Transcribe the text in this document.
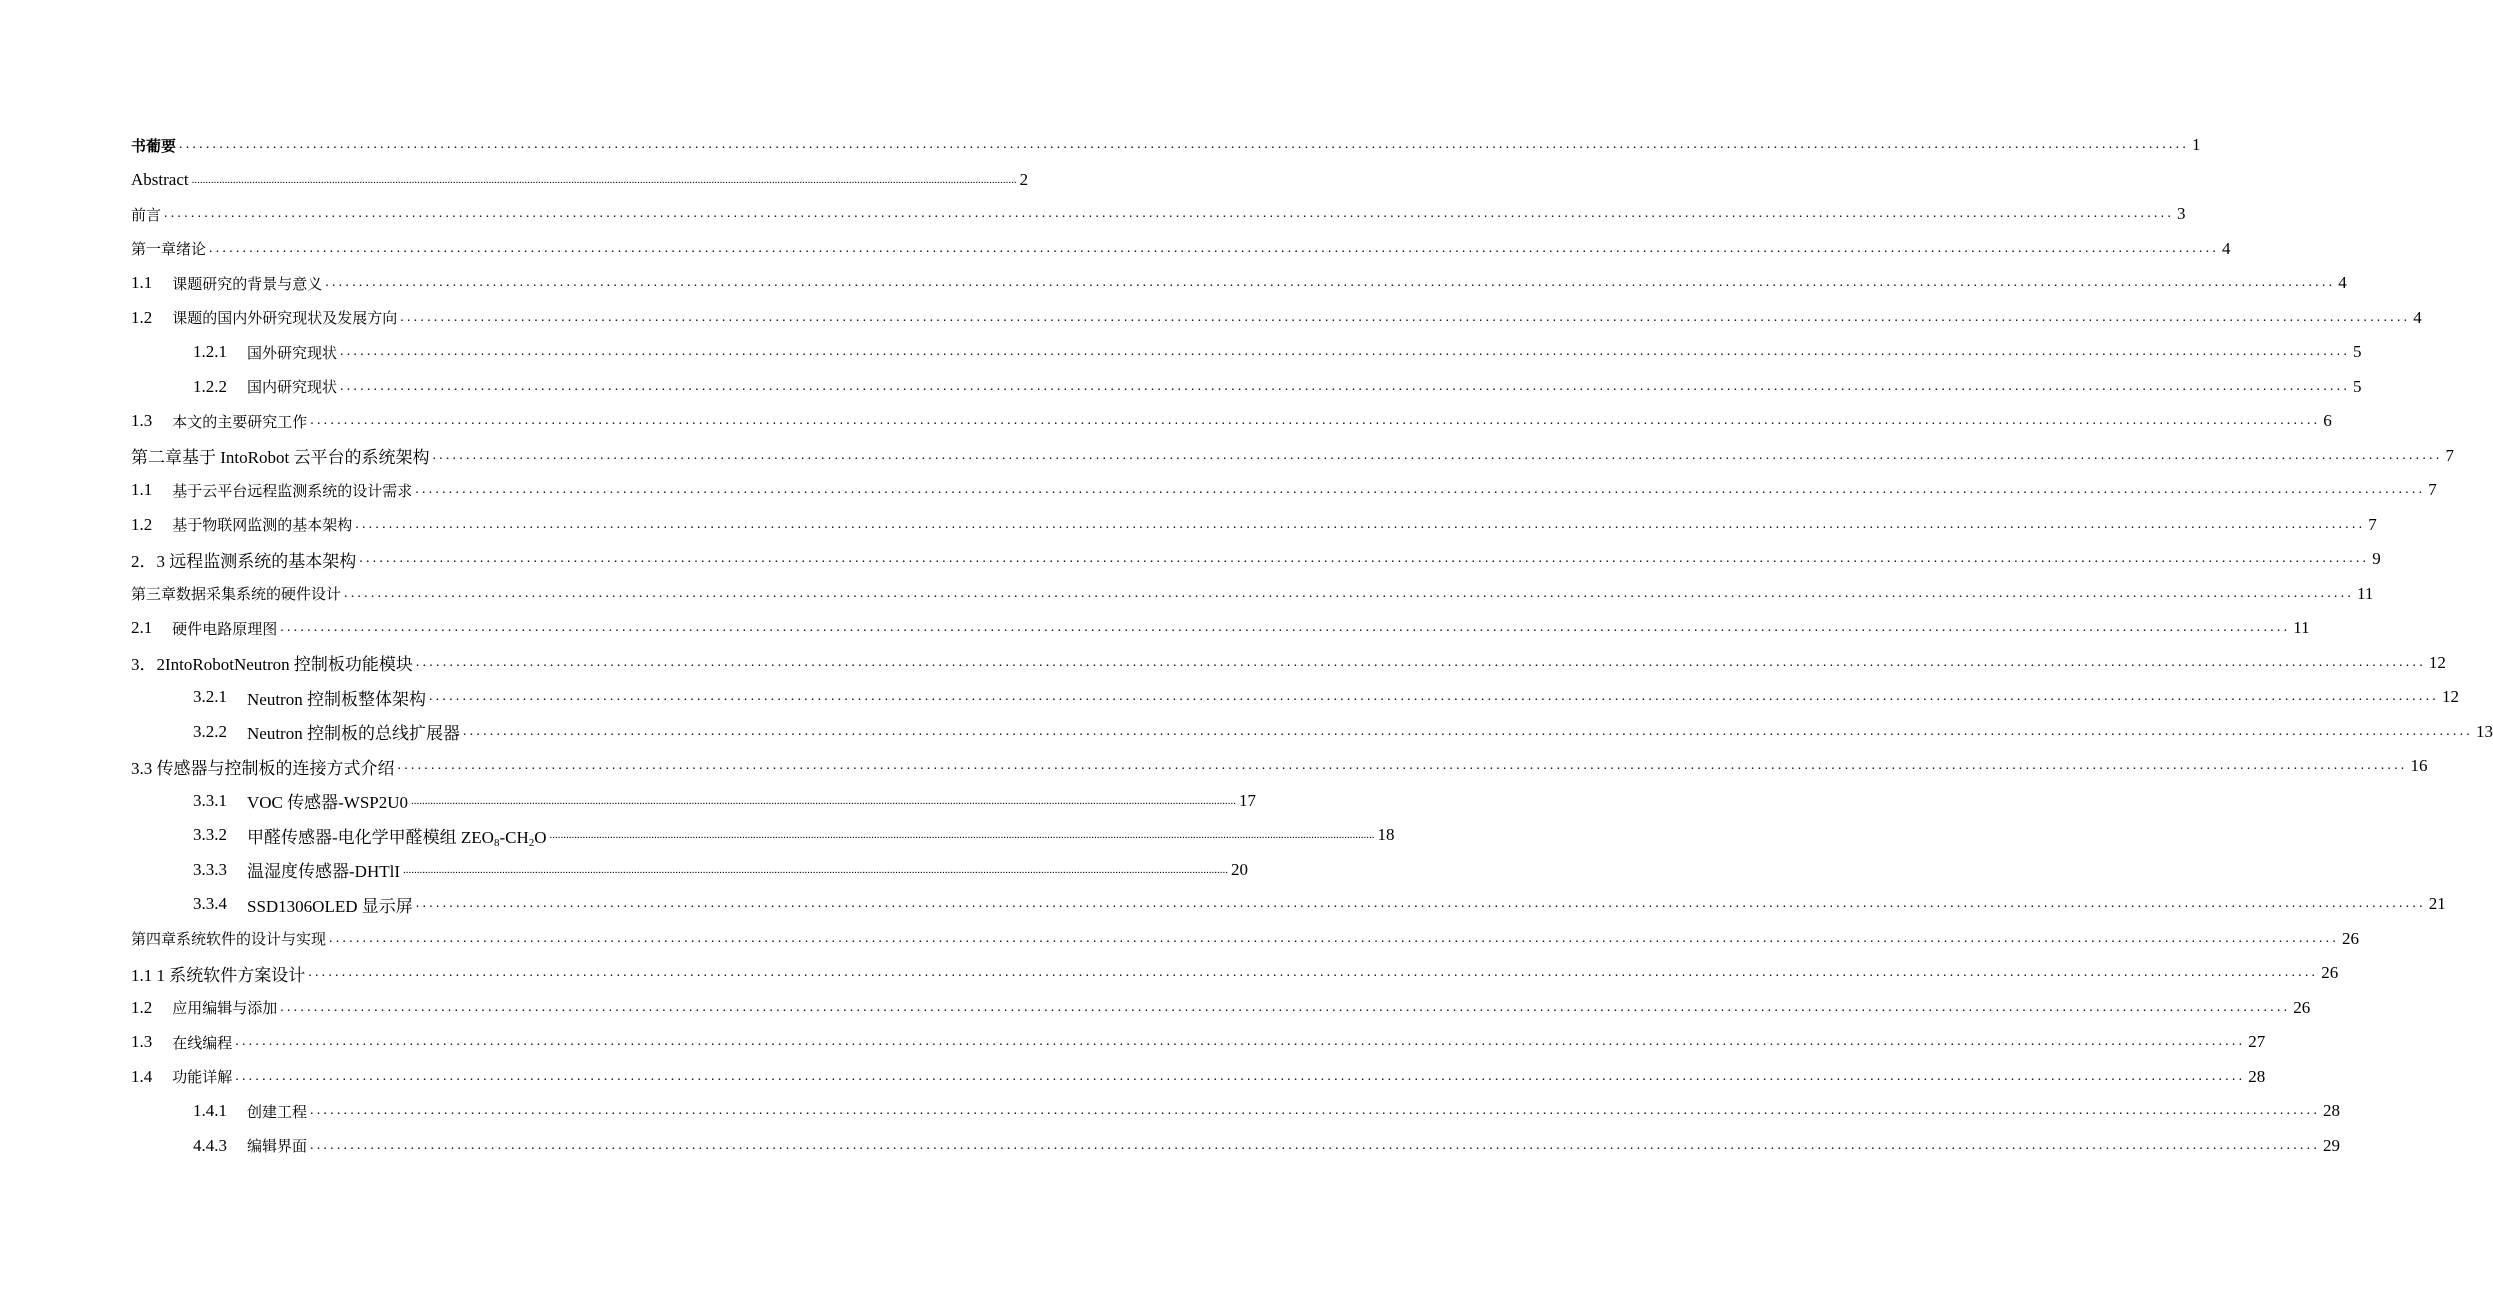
书葡要 ............................................................................................................................................................................................................................................................................................................ 1
Abstract ............................................................................................................................................................................................................................................................................................................ 2
前言 ............................................................................................................................................................................................................................................................................................................ 3
第一章绪论 ............................................................................................................................................................................................................................................................................................................ 4
1.1 课题研究的背景与意义 ............................................................................................................................................................................................................................................................................................................ 4
1.2 课题的国内外研究现状及发展方向 ............................................................................................................................................................................................................................................................................................................ 4
1.2.1 国外研究现状 ............................................................................................................................................................................................................................................................................................................ 5
1.2.2 国内研究现状 ............................................................................................................................................................................................................................................................................................................ 5
1.3 本文的主要研究工作 ............................................................................................................................................................................................................................................................................................................ 6
第二章基于 IntoRobot 云平台的系统架构 ............................................................................................................................................................................................................................................................................................................ 7
1.1 基于云平台远程监测系统的设计需求 ............................................................................................................................................................................................................................................................................................................ 7
1.2 基于物联网监测的基本架构 ............................................................................................................................................................................................................................................................................................................ 7
2．3 远程监测系统的基本架构 ............................................................................................................................................................................................................................................................................................................ 9
第三章数据采集系统的硬件设计 ............................................................................................................................................................................................................................................................................................................ 11
2.1 硬件电路原理图 ............................................................................................................................................................................................................................................................................................................ 11
3．2IntoRobotNeutron 控制板功能模块 ............................................................................................................................................................................................................................................................................................................ 12
3.2.1 Neutron 控制板整体架构 ............................................................................................................................................................................................................................................................................................................ 12
3.2.2 Neutron 控制板的总线扩展器 ............................................................................................................................................................................................................................................................................................................ 13
3.3 传感器与控制板的连接方式介绍 ............................................................................................................................................................................................................................................................................................................ 16
3.3.1 VOC 传感器-WSP2U0 ............................................................................................................................................................................................................................................................................................................ 17
3.3.2 甲醛传感器-电化学甲醛模组 $ZEO_8-CH_2O$ ............................................................................................................................................................................................................................................................................................................ 18
3.3.3 温湿度传感器-DHTlI ............................................................................................................................................................................................................................................................................................................ 20
3.3.4 SSD1306OLED 显示屏 ............................................................................................................................................................................................................................................................................................................ 21
第四章系统软件的设计与实现 ............................................................................................................................................................................................................................................................................................................ 26
1.1 1 系统软件方案设计 ............................................................................................................................................................................................................................................................................................................ 26
1.2 应用编辑与添加 ............................................................................................................................................................................................................................................................................................................ 26
1.3 在线编程 ............................................................................................................................................................................................................................................................................................................ 27
1.4 功能详解 ............................................................................................................................................................................................................................................................................................................ 28
1.4.1 创建工程 ............................................................................................................................................................................................................................................................................................................ 28
4.4.3 编辑界面 ............................................................................................................................................................................................................................................................................................................ 29
